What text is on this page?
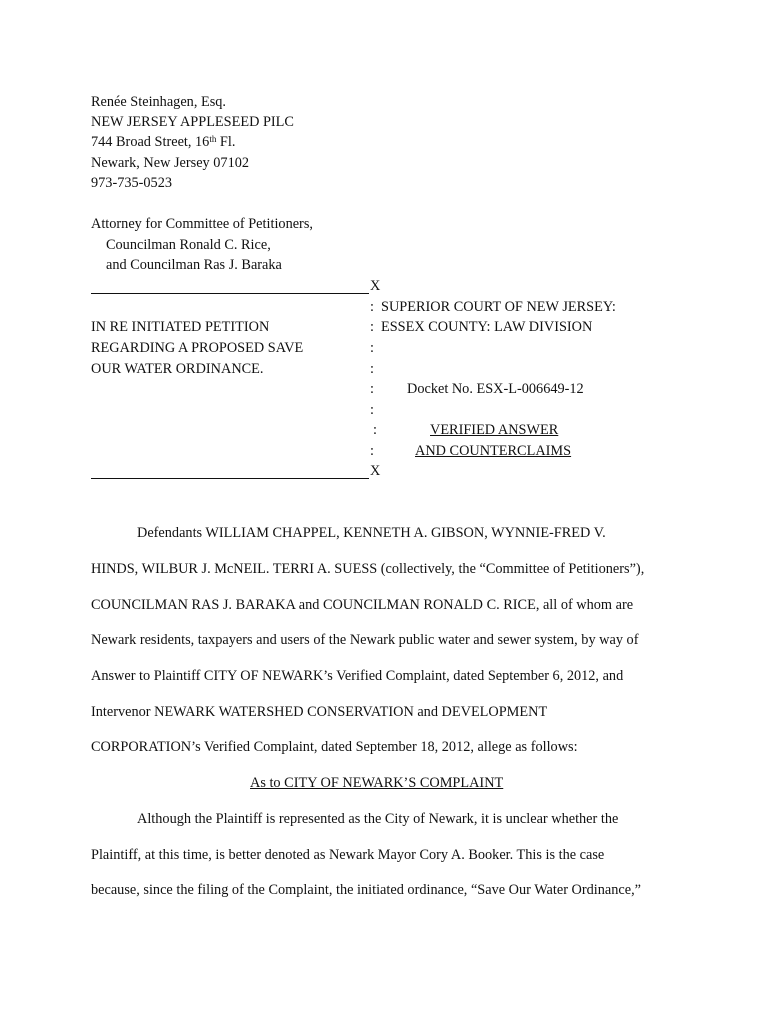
Renée Steinhagen, Esq.
NEW JERSEY APPLESEED PILC
744 Broad Street, 16th Fl.
Newark, New Jersey 07102
973-735-0523
Attorney for Committee of Petitioners,
Councilman Ronald C. Rice,
and Councilman Ras J. Baraka
X
: SUPERIOR COURT OF NEW JERSEY:
IN RE INITIATED PETITION	: ESSEX COUNTY: LAW DIVISION
REGARDING A PROPOSED SAVE	:
OUR WATER ORDINANCE.	:
: Docket No. ESX-L-006649-12
:
:	VERIFIED ANSWER
:	AND COUNTERCLAIMS
X
Defendants WILLIAM CHAPPEL, KENNETH A. GIBSON, WYNNIE-FRED V.
HINDS, WILBUR J. McNEIL. TERRI A. SUESS (collectively, the “Committee of Petitioners”),
COUNCILMAN RAS J. BARAKA and COUNCILMAN RONALD C. RICE, all of whom are
Newark residents, taxpayers and users of the Newark public water and sewer system, by way of
Answer to Plaintiff CITY OF NEWARK’s Verified Complaint, dated September 6, 2012, and
Intervenor NEWARK WATERSHED CONSERVATION and DEVELOPMENT
CORPORATION’s Verified Complaint, dated September 18, 2012, allege as follows:
As to CITY OF NEWARK’S COMPLAINT
Although the Plaintiff is represented as the City of Newark, it is unclear whether the
Plaintiff, at this time, is better denoted as Newark Mayor Cory A. Booker. This is the case
because, since the filing of the Complaint, the initiated ordinance, “Save Our Water Ordinance,”
